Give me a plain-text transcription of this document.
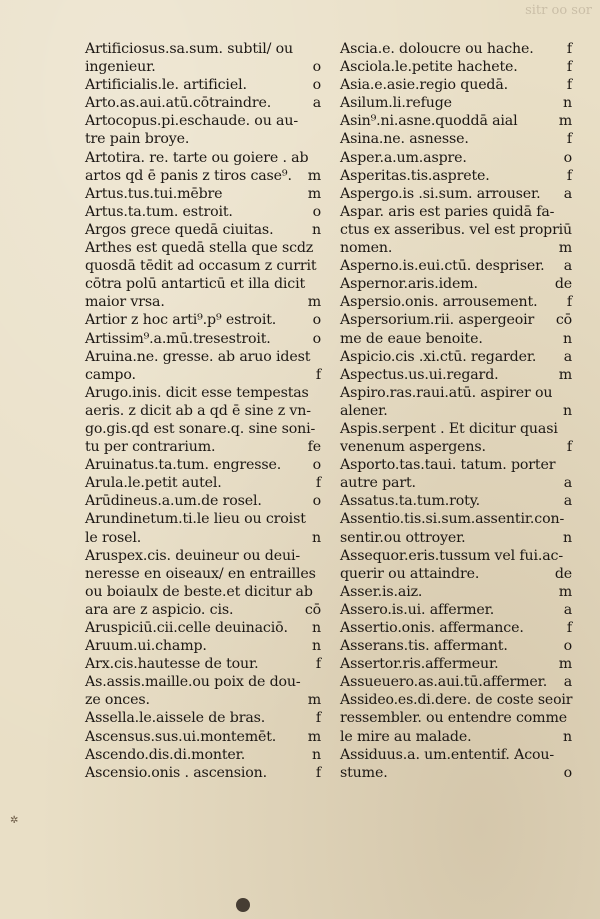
sitr oo sor
Artificiosus.sa.sum. subtil/ ou
ingenieur.	o
Artificialis.le. artificiel.	o
Arto.as.aui.atū.cōtraindre.	a
Artocopus.pi.eschaude. ou au-
tre pain broye.
Artotira. re. tarte ou goiere . ab
artos qd ē panis z tiros case⁹. m
Artus.tus.tui.mēbre	m
Artus.ta.tum. estroit.	o
Argos grece quedā ciuitas.	n
Arthes est quedā stella que scdz
quosdā tēdit ad occasum z currit
cōtra polū antarticū et illa dicit
maior vrsa.	m
Artior z hoc arti⁹.p⁹ estroit.	o
Artissim⁹.a.mū.tresestroit.	o
Aruina.ne. gresse. ab aruo idest
campo.	f
Arugo.inis. dicit esse tempestas
aeris. z dicit ab a qd ē sine z vn-
go.gis.qd est sonare.q. sine soni-
tu per contrarium.	fe
Aruinatus.ta.tum. engresse. o
Arula.le.petit autel.	f
Arūdineus.a.um.de rosel.	o
Arundinetum.ti.le lieu ou croist
le rosel.	n
Aruspex.cis. deuineur ou deui-
neresse en oiseaux/ en entrailles
ou boiaulx de beste.et dicitur ab
ara are z aspicio. cis.	cō
Aruspiciū.cii.celle deuinaciō. n
Aruum.ui.champ.	n
Arx.cis.hautesse de tour.	f
As.assis.maille.ou poix de dou-
ze onces.	m
Assella.le.aissele de bras.	f
Ascensus.sus.ui.montemēt. m
Ascendo.dis.di.monter.	n
Ascensio.onis . ascension.	f
Ascia.e. doloucre ou hache. f
Asciola.le.petite hachete.	f
Asia.e.asie.regio quedā.	f
Asilum.li.refuge	n
Asin⁹.ni.asne.quoddā aial	m
Asina.ne. asnesse.	f
Asper.a.um.aspre.	o
Asperitas.tis.asprete.	f
Aspergo.is .si.sum. arrouser. a
Aspar. aris est paries quidā fa-
ctus ex asseribus. vel est propriū
nomen.	m
Asperno.is.eui.ctū. despriser. a
Aspernor.aris.idem.	de
Aspersio.onis. arrousement. f
Aspersorium.rii. aspergeoir cō
me de eaue benoite.	n
Aspicio.cis .xi.ctū. regarder. a
Aspectus.us.ui.regard.	m
Aspiro.ras.raui.atū. aspirer ou
alener.	n
Aspis.serpent . Et dicitur quasi
venenum aspergens.	f
Asporto.tas.taui. tatum. porter
autre part.	a
Assatus.ta.tum.roty.	a
Assentio.tis.si.sum.assentir.con-
sentir.ou ottroyer.	n
Assequor.eris.tussum vel fui.ac-
querir ou attaindre.	de
Asser.is.aiz.	m
Assero.is.ui. affermer.	a
Assertio.onis. affermance.	f
Asserans.tis. affermant.	o
Assertor.ris.affermeur.	m
Assueuero.as.aui.tū.affermer. a
Assideo.es.di.dere. de coste seoir
ressembler. ou entendre comme
le mire au malade.	n
Assiduus.a. um.ententif. Acou-
stume.	o
✲
